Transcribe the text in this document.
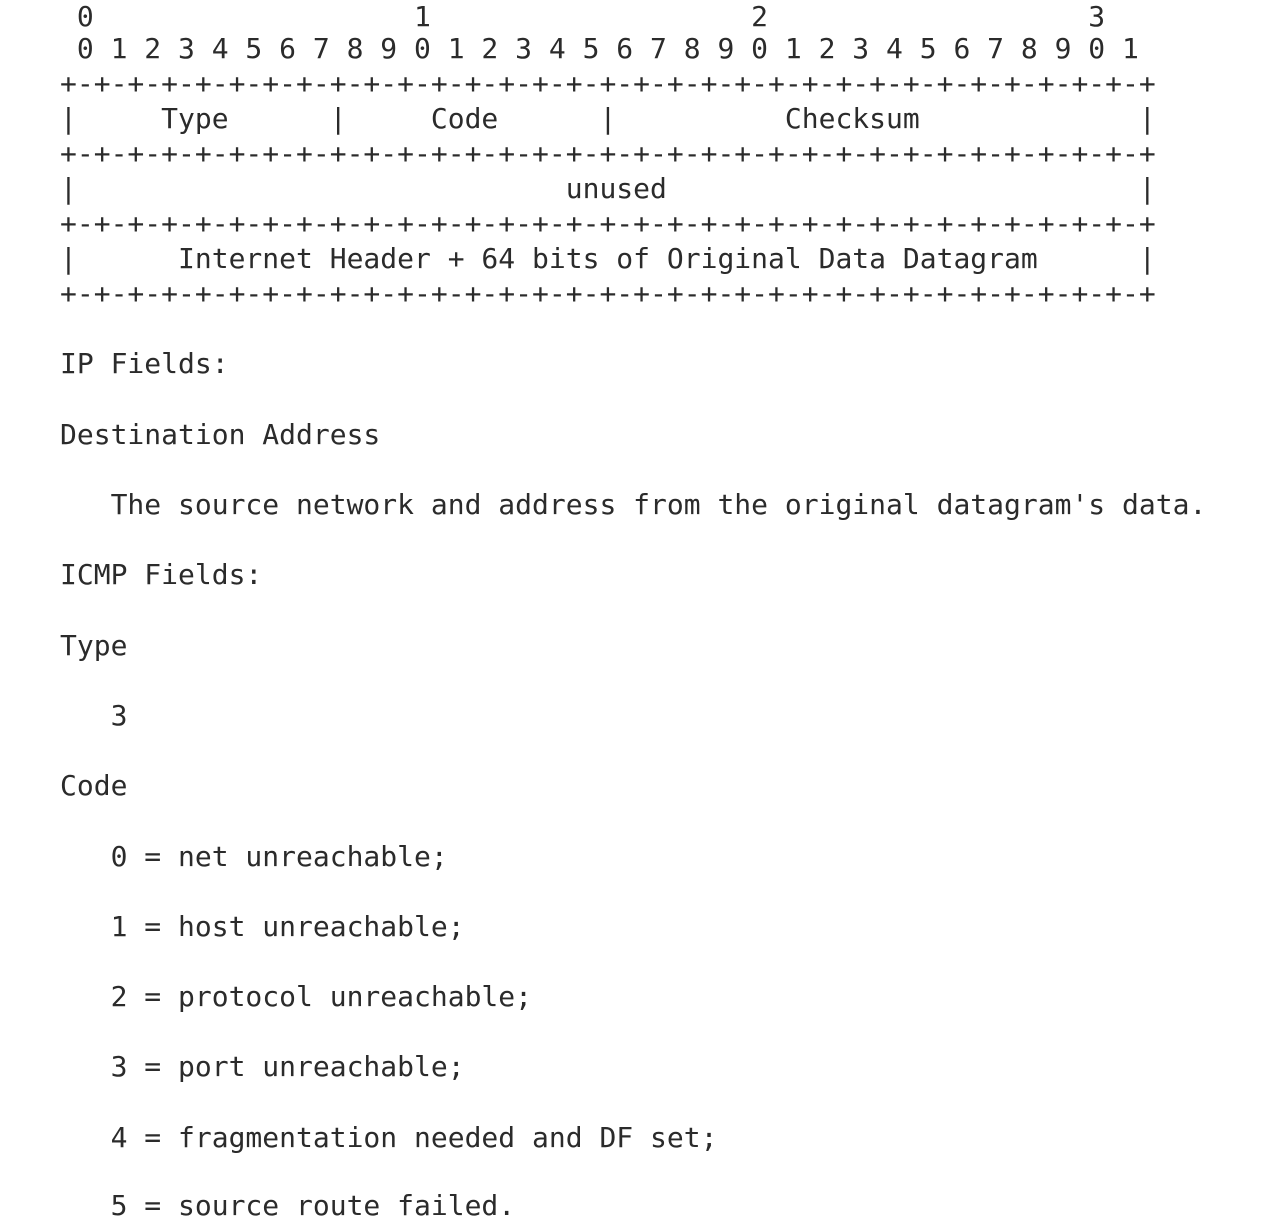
0                   1                   2                   3
0 1 2 3 4 5 6 7 8 9 0 1 2 3 4 5 6 7 8 9 0 1 2 3 4 5 6 7 8 9 0 1
+-+-+-+-+-+-+-+-+-+-+-+-+-+-+-+-+-+-+-+-+-+-+-+-+-+-+-+-+-+-+-+-+
|     Type      |     Code      |          Checksum             |
+-+-+-+-+-+-+-+-+-+-+-+-+-+-+-+-+-+-+-+-+-+-+-+-+-+-+-+-+-+-+-+-+
|                             unused                            |
+-+-+-+-+-+-+-+-+-+-+-+-+-+-+-+-+-+-+-+-+-+-+-+-+-+-+-+-+-+-+-+-+
|      Internet Header + 64 bits of Original Data Datagram      |
+-+-+-+-+-+-+-+-+-+-+-+-+-+-+-+-+-+-+-+-+-+-+-+-+-+-+-+-+-+-+-+-+
IP Fields:
Destination Address
The source network and address from the original datagram's data.
ICMP Fields:
Type
3
Code
0 = net unreachable;
1 = host unreachable;
2 = protocol unreachable;
3 = port unreachable;
4 = fragmentation needed and DF set;
5 = source route failed.
